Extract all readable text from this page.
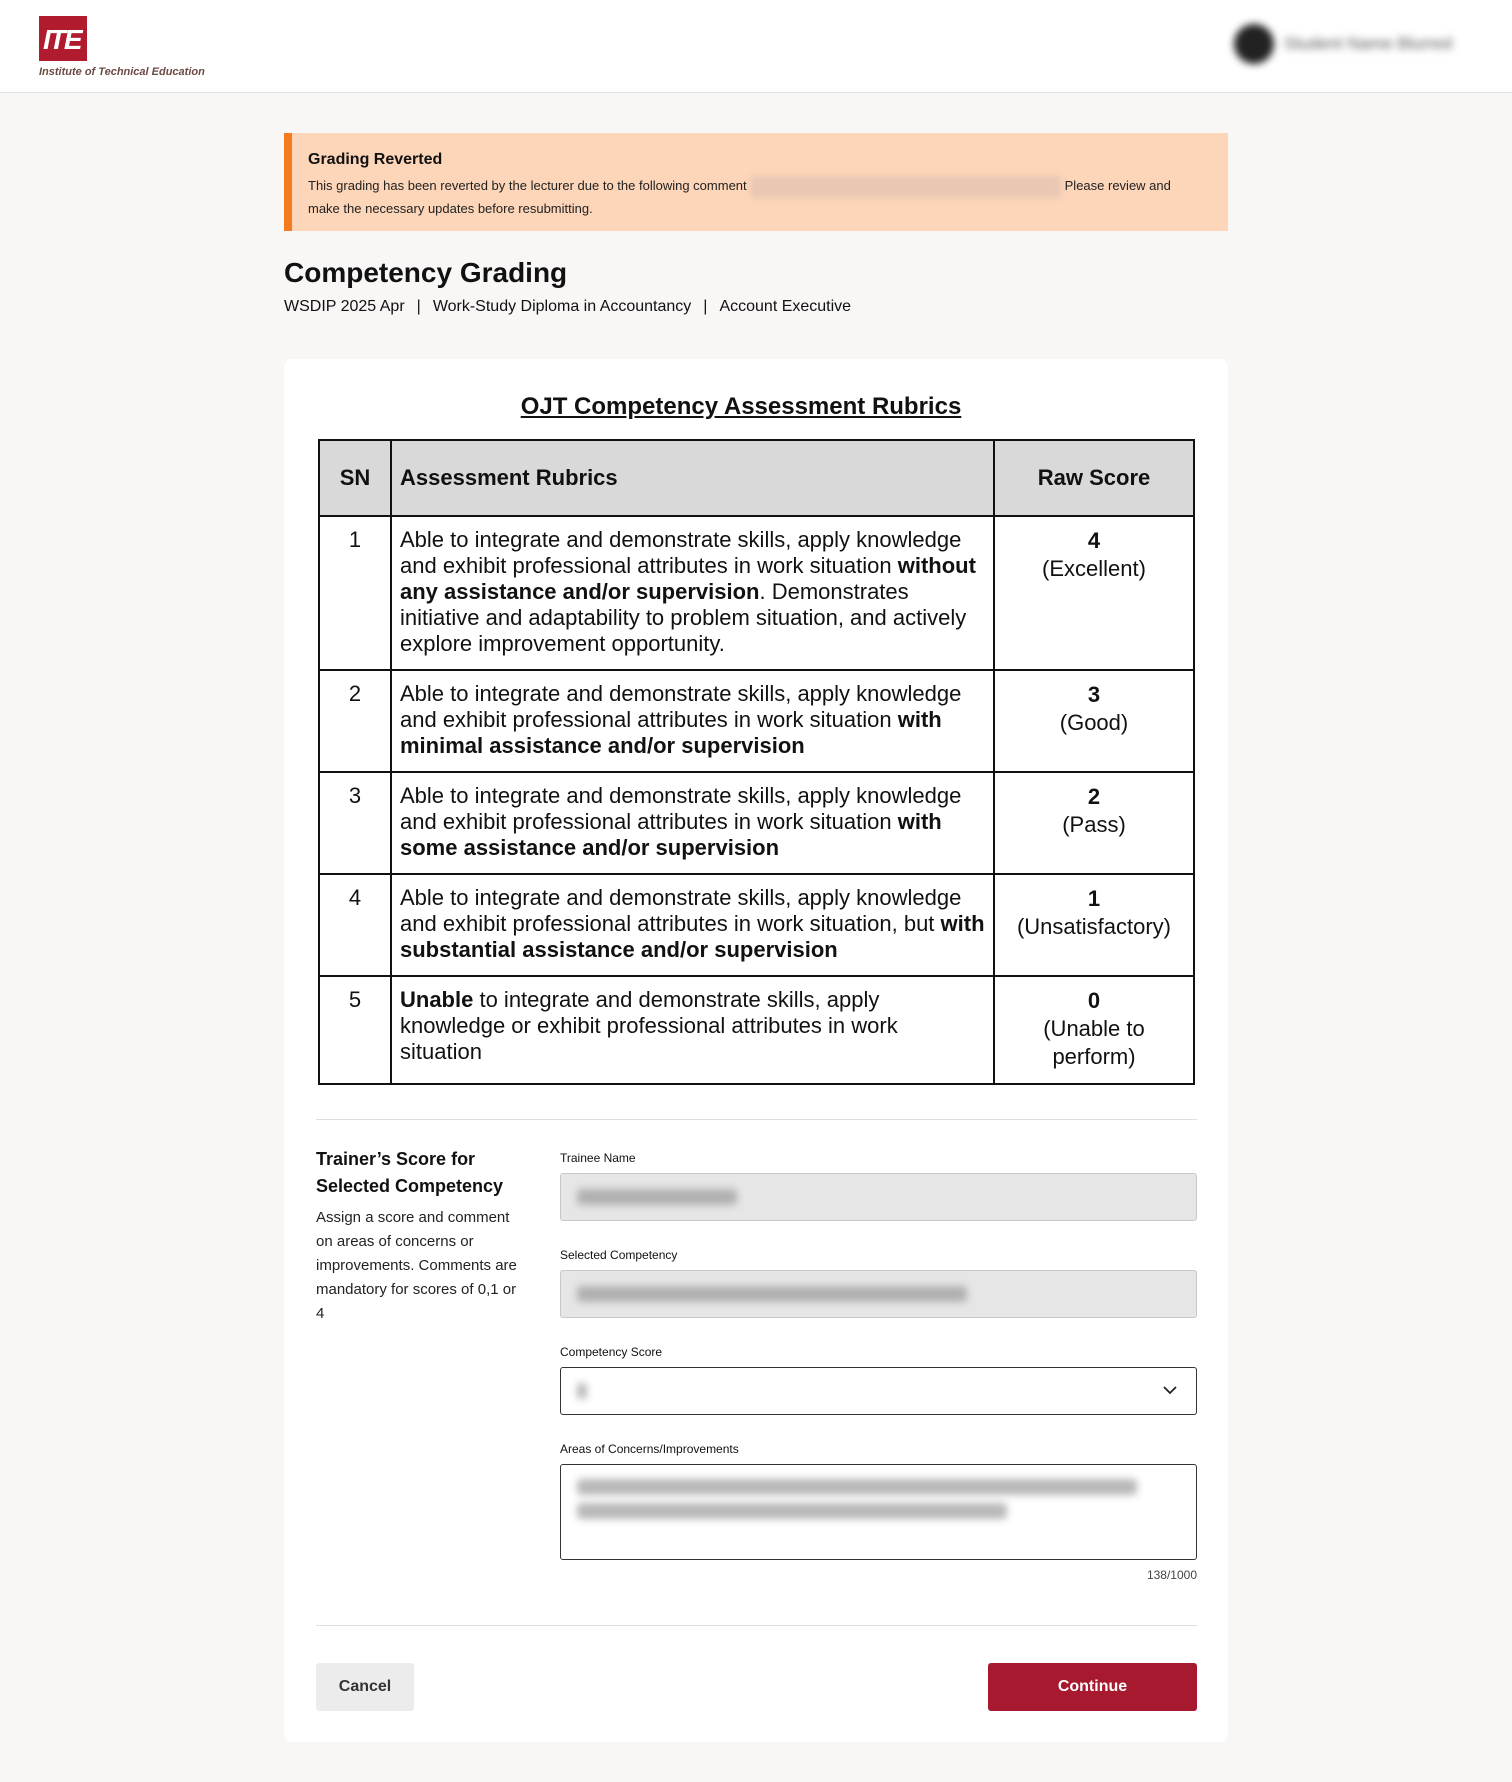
ITE
Institute of Technical Education
Student Name Blurred
Grading Reverted
This grading has been reverted by the lecturer due to the following comment	Please review and make the necessary updates before resubmitting.
Competency Grading
WSDIP 2025 Apr | Work-Study Diploma in Accountancy | Account Executive
OJT Competency Assessment Rubrics
SN	Assessment Rubrics	Raw Score
1	Able to integrate and demonstrate skills, apply knowledge and exhibit professional attributes in work situation without any assistance and/or supervision. Demonstrates initiative and adaptability to problem situation, and actively explore improvement opportunity.	4
(Excellent)
2	Able to integrate and demonstrate skills, apply knowledge and exhibit professional attributes in work situation with minimal assistance and/or supervision	3
(Good)
3	Able to integrate and demonstrate skills, apply knowledge and exhibit professional attributes in work situation with some assistance and/or supervision	2
(Pass)
4	Able to integrate and demonstrate skills, apply knowledge and exhibit professional attributes in work situation, but with substantial assistance and/or supervision	1
(Unsatisfactory)
5	Unable to integrate and demonstrate skills, apply knowledge or exhibit professional attributes in work situation	0
(Unable to perform)
Trainer’s Score for Selected Competency

Assign a score and comment on areas of concerns or improvements. Comments are mandatory for scores of 0,1 or 4

Trainee Name
Selected Competency
Competency Score
Areas of Concerns/Improvements
138/1000
Cancel	Continue
